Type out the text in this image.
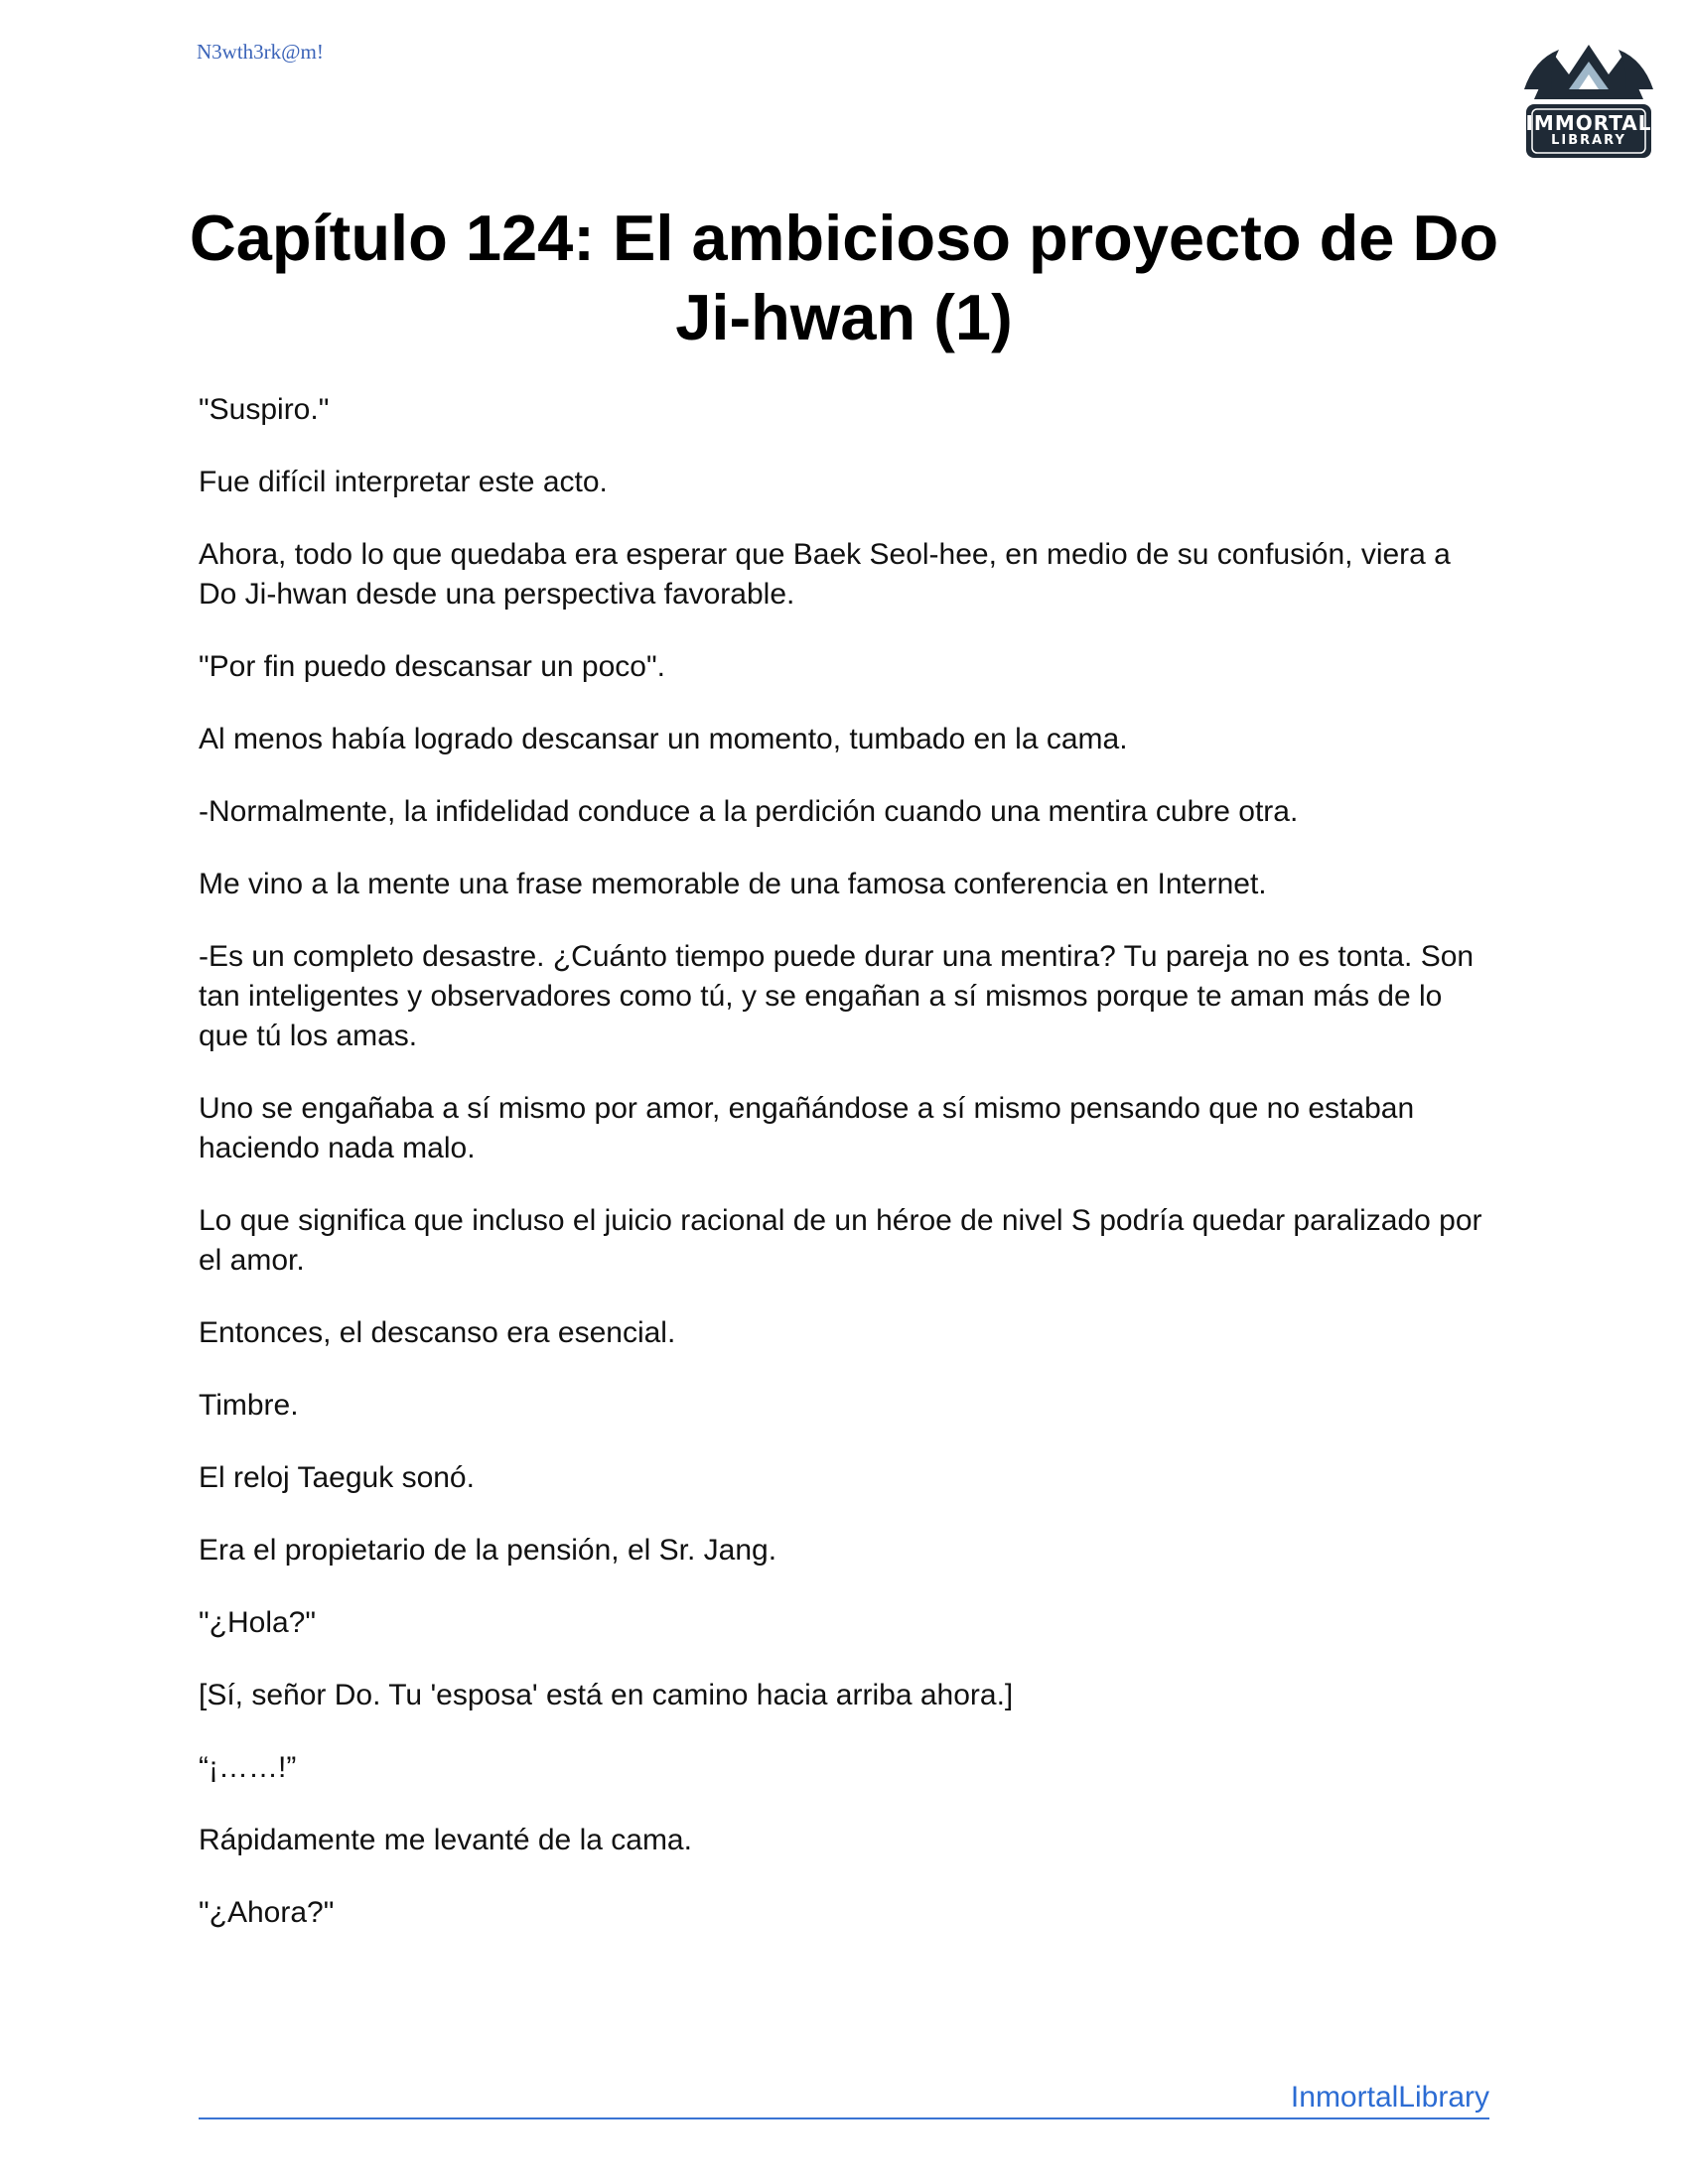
N3wth3rk@m!
IMMORTAL
LIBRARY
Capítulo 124: El ambicioso proyecto de Do Ji-hwan (1)

"Suspiro."

Fue difícil interpretar este acto.

Ahora, todo lo que quedaba era esperar que Baek Seol-hee, en medio de su confusión, viera a Do Ji-hwan desde una perspectiva favorable.

"Por fin puedo descansar un poco".

Al menos había logrado descansar un momento, tumbado en la cama.

-Normalmente, la infidelidad conduce a la perdición cuando una mentira cubre otra.

Me vino a la mente una frase memorable de una famosa conferencia en Internet.

-Es un completo desastre. ¿Cuánto tiempo puede durar una mentira? Tu pareja no es tonta. Son tan inteligentes y observadores como tú, y se engañan a sí mismos porque te aman más de lo que tú los amas.

Uno se engañaba a sí mismo por amor, engañándose a sí mismo pensando que no estaban haciendo nada malo.

Lo que significa que incluso el juicio racional de un héroe de nivel S podría quedar paralizado por el amor.

Entonces, el descanso era esencial.

Timbre.

El reloj Taeguk sonó.

Era el propietario de la pensión, el Sr. Jang.

"¿Hola?"

[Sí, señor Do. Tu 'esposa' está en camino hacia arriba ahora.]

“¡……!”

Rápidamente me levanté de la cama.

"¿Ahora?"

InmortalLibrary
